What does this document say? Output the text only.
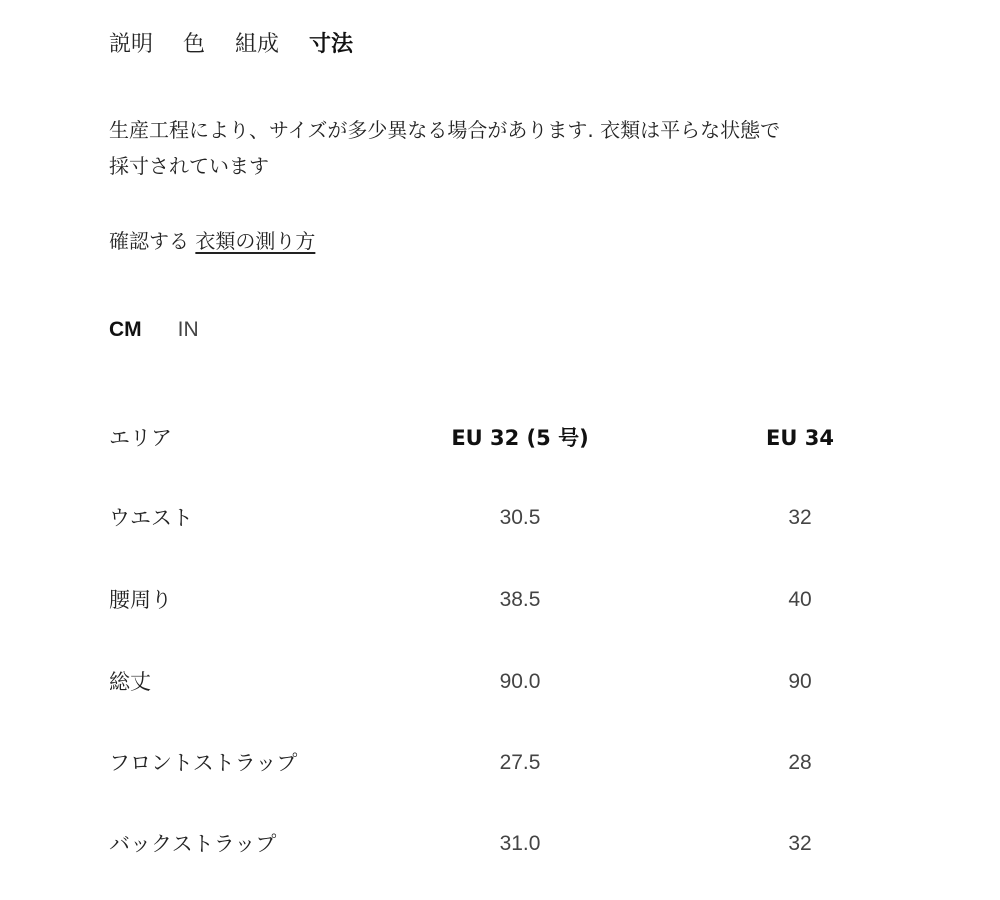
説明 色 組成 寸法

生産工程により、サイズが多少異なる場合があります. 衣類は平らな状態で採寸されています

確認する 衣類の測り方
CM IN
エリア	EU 32 (5 号)	EU 34
ウエスト	30.5	32
腰周り	38.5	40
総丈	90.0	90
フロントストラップ	27.5	28
バックストラップ	31.0	32
